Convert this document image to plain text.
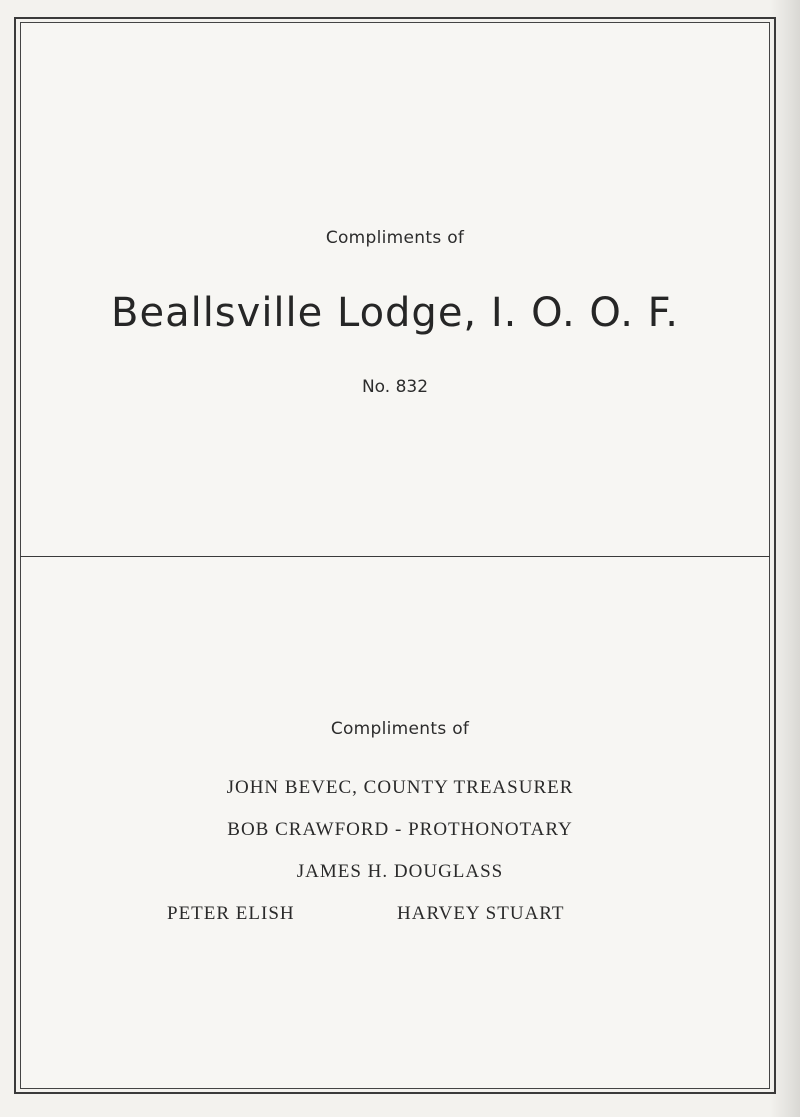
Compliments of
Beallsville Lodge, I. O. O. F.
No. 832
Compliments of
JOHN BEVEC, COUNTY TREASURER
BOB CRAWFORD - PROTHONOTARY
JAMES H. DOUGLASS
PETER ELISH	HARVEY STUART
